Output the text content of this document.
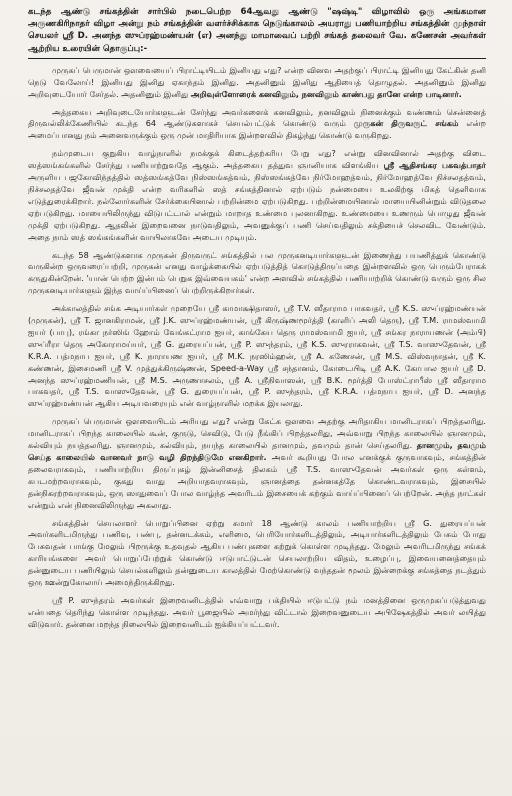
கடந்த ஆண்டு சங்கத்தின் சார்பில் நடைபெற்ற 64ஆவது ஆண்டு "ஷஷ்டி" விழாவில் ஒரு அங்கமான அருணகிரிநாதர் விழா அன்று நம் சங்கத்தின் வளர்ச்சிக்காக நெடுங்காலம் அயராது பணியாற்றிய சங்கத்தின் முந்நாள் செயலர் ஸ்ரீ D. அனந்த ஸுப்ரஹ்மண்யன் (எ) அனந்து மாமாவைப் பற்றி சங்கத் தலைவர் வே. கணேசன் அவர்கள் ஆற்றிய உரையின் தொகுப்பு:-

முருகப் பெருமான் ஔவையைப் பிராட்டியிடம் இனியது எது? என்ற வினவ அதற்குப் பிராட்டி இனியது கேட்கின் தனி நெடு வேலோய்! இனியது இனிது ஏகாந்தம் இனிது. அதனினும் இனிது ஆதியைத் தொழுதல். அதனினும் இனிது அறிவுடையோர் சேர்தல். அதனினும் இனிது அறிவுள்ளோரைக் கனவிலும், நனவிலும் காண்பது தானே என்ற பாடினார்.

அத்தகைய அறிவுடையோர்களுடன் சேர்ந்து அவர்களைக் கனவிலும், நனவிலும் நினைக்கும் வண்ணம் சென்னைத் திருவல்லிக்கேணியில் கடந்த 64 ஆண்டுகளாகச் செயல்பட்டுக் கொண்டு வரும் முருகன் திருவருட் சங்கம் என்ற அமைப்பானது நம் அனைவருக்கும் ஒரு முன் மாதிரியாக இன்றளவில் திகழ்ந்து கொண்டு வருகிறது.

நம்முடைய குறுகிய வாழ்நாளில் நமக்குக் கிடைத்தற்கரிய பேறு எது? என்று வினவினால் அதற்கு விடை ஸத்ஸங்கங்களில் சேர்ந்து பணியாற்றுவதே ஆகும். அத்தகைய தத்துவ ஞானியாக விளங்கிய ஸ்ரீ ஆதிசங்கர பகவத்பாதர் அருளிய பஜகோவிந்தத்தில் ஸத்ஸங்கத்வே நிஸ்ஸங்கத்வம், நிஸ்ஸங்கத்வே நிர்மோஹத்வம், நிர்மோஹத்வே நிச்சலதத்வம், நிச்சலதத்வே ஜீவன் முக்தி என்ற வரிகளில் ஸத் சங்கத்தினால் ஏற்படும் நன்மையை உலகிற்கு மிகத் தெளிவாக எடுத்துரைக்கிறார். நல்லோர்களின் சேர்க்கையினால் பற்றின்மை ஏற்படுகிறது. பற்றின்மையினால் மாயையினின்றும் விடுதலை ஏற்படுகிறது. மாயையிலிருந்து விடுபட்டால் என்றும் மாறாத உண்மை புலனாகிறது. உண்மையை உணரும் பொழுது ஜீவன் முக்தி ஏற்படுகிறது. ஆதலின் இறைவனை நாடுவதிலும், அவனுக்குப் பணி செய்வதிலும் சக்தியைச் செலவிட வேண்டும். அதை நாம் ஸத் ஸங்கங்களின் வாயிலாகவே அடைய முடியும்.

கடந்த 58 ஆண்டுகளாக முருகன் திருவருட் சங்கத்தில் பல முருகனடியார்களுடன் இணைந்து பயணித்துக் கொண்டு வருகின்ற ஒருவரைப்பற்றி, முருகன் எனது வாழ்க்கையில் ஏற்படுத்தித் கொடுத்திருப்பதை இன்றளவில் ஒரு பெரும்பேராகக் கருதுகின்றேன். 'யான் பெற்ற இன்பம் பெறுக இவ்வையகம்' என்ற அளவில் சங்கத்தில் பணியாற்றிக் கொண்டு வரும் ஒரு சில முருகனடியார்களும் இந்த வாய்ப்பினைப் பெற்றிருக்கிறார்கள்.

அக்காலத்தில் சங்க அடியார்கள் முறையே ஸ்ரீ காமாக்ஷிதாஸர், ஸ்ரீ T.V. ஸீதாராம பாகவதர், ஸ்ரீ K.S. ஸுப்ரஹ்மண்யன் (முருகன்), ஸ்ரீ T. ஜானகிராமன், ஸ்ரீ J.K. ஸுப்ரஹ்மண்யன், ஸ்ரீ கிருஷ்ணமூர்த்தி (காளிப் அலி தெரு), ஸ்ரீ T.M. ராமஸ்வாமி ஐயர் (பாபு), ரங்கா நர்ஸிங் ஹோம் வேங்கட்ராம ஐயர், காங்கேய தெரு ராமஸ்வாமி ஐயர், ஸ்ரீ சங்கர நாராயணன் (அம்பி) ஸுப்ரீரா தெரு அகோராமய்யர், ஸ்ரீ G. துரையப்பன், ஸ்ரீ P. ஸுந்தரம், ஸ்ரீ K.S. ஸுரராகவன், ஸ்ரீ T.S. வாஸுதேவன், ஸ்ரீ K.R.A. பத்மநாப ஐயர், ஸ்ரீ K. நாராயண ஐயர், ஸ்ரீ M.K. நரஸிம்ஹன், ஸ்ரீ A. கணேசன், ஸ்ரீ M.S. விஸ்வநாதன், ஸ்ரீ K. கண்ணன், இசைமணி ஸ்ரீ V. முத்துக்கிருஷ்ணன், Speed-a-Way ஸ்ரீ சந்தானம், கோடையிடி ஸ்ரீ A.K. கோபால ஐயர் ஸ்ரீ D. அனந்த ஸுப்ரஹ்மணியன், ஸ்ரீ M.S. அருணாசலம், ஸ்ரீ A. ஸ்ரீநிவாஸன், ஸ்ரீ B.K. மூர்த்தி போஸ்ட்ராபீஸ் ஸ்ரீ ஸீதாராம பாகவதர், ஸ்ரீ T.S. வாஸுதேவன், ஸ்ரீ G. துரையப்பன், ஸ்ரீ P. ஸுந்தரம், ஸ்ரீ K.R.A. பத்மநாப ஐயர், ஸ்ரீ D. அனந்த ஸுப்ரஹ்மண்யன் ஆகிய அடியவரையும் என் வாழ்நாளில் மறக்க இயலாது.

முருகப் பெருமான் ஔவையிடம் அரியது எது? என்று கேட்க ஔவை அதற்கு அரிதாகிய மானிடராகப் பிறத்தலரிது. மானிடராகப் பிறந்த காலையில் கூன், குருடு, செவிடு, பேடு நீங்கிப் பிறத்தலரிது, அவ்வாறு பிறந்த காலையில் ஞானமும், கல்வியும் நயத்தலரிது. ஞானமும், கல்வியும், நயந்த காலையில் தானமும், தவமும் தான் செய்தலரிது. தானமும், தவமும் செய்த காலையில் வானவர் நாடு வழி திறந்திடுமே எனகிறார். அவர் கூறியது போல எனக்குக் குருவாகவும், சங்கத்தின் தலைவராகவும், பணியாற்றிய திருப்புகழ் இன்னிசைத் திலகம் ஸ்ரீ T.S. வாஸுதேவன் அவர்கள் ஒரு கள்ளம், கபடமற்றவராகவும், குகது வாது அறியாதவராகவும், ஞானத்தை தன்னகத்தே கொண்டவராகவும், இசையில் தன்நிகரற்றவராகவும், ஒரு ஸாதுவைப் போல வாழ்ந்த அவரிடம் இசையைக் கற்கும் வாய்ப்பினைப் பெற்றேன். அந்த நாட்கள் என்றும் என் நினைவிலிருந்து அகலாது.

சங்கத்தின் செயலாளர் பொறுப்பினை ஏற்று சுமார் 18 ஆண்டு காலம் பணியாற்றிய ஸ்ரீ G. துரையப்பன் அவர்களிடமிருந்து பணிவு, பண்பு, தன்னடக்கம், எளிமை, பெரியோர்களிடத்திலும், அடியார்களிடத்திலும் பேசும் போது பேசுவதன் பாங்கு மேலும் பிறருக்கு உதவுதல் ஆகிய பண்புகளை கற்றுக் கொள்ள முடிந்தது. மேலும் அவரிடமிருந்து சங்கக் காரியங்களை அவர் பொறுப்பேற்றுக் கொண்டு ஈடுபாட்டுடன் செயலாற்றிய விதம், உழைப்பு, இவையனைத்தையும் தன்னுடைய பணியிலும் செயல்களிலும் தன்னுடைய காலத்தில் மேற்கொண்டு வந்ததன் மூலம் இன்றைக்கு சங்கத்தை நடத்தும் ஒரு ஊன்றுகோலாய் அமைந்திருக்கிறது.

ஸ்ரீ P. ஸுந்தரம் அவர்கள் இறைவனிடத்தில் எவ்வாறு பக்தியில் ஈடுபட்டு நம் மனத்தினை ஒருமுகப்படுத்துவது என்பதை தெரிந்து கொள்ள முடிந்தது. அவர் பூஜையில் அமர்ந்து விட்டால் இறைவனுடைய அபிஷேகத்தில் அவர் லயித்து விடுவார். தன்னை மறந்த நிலையில் இறைவனிடம் ஐக்கியப்பட்டவர்.
